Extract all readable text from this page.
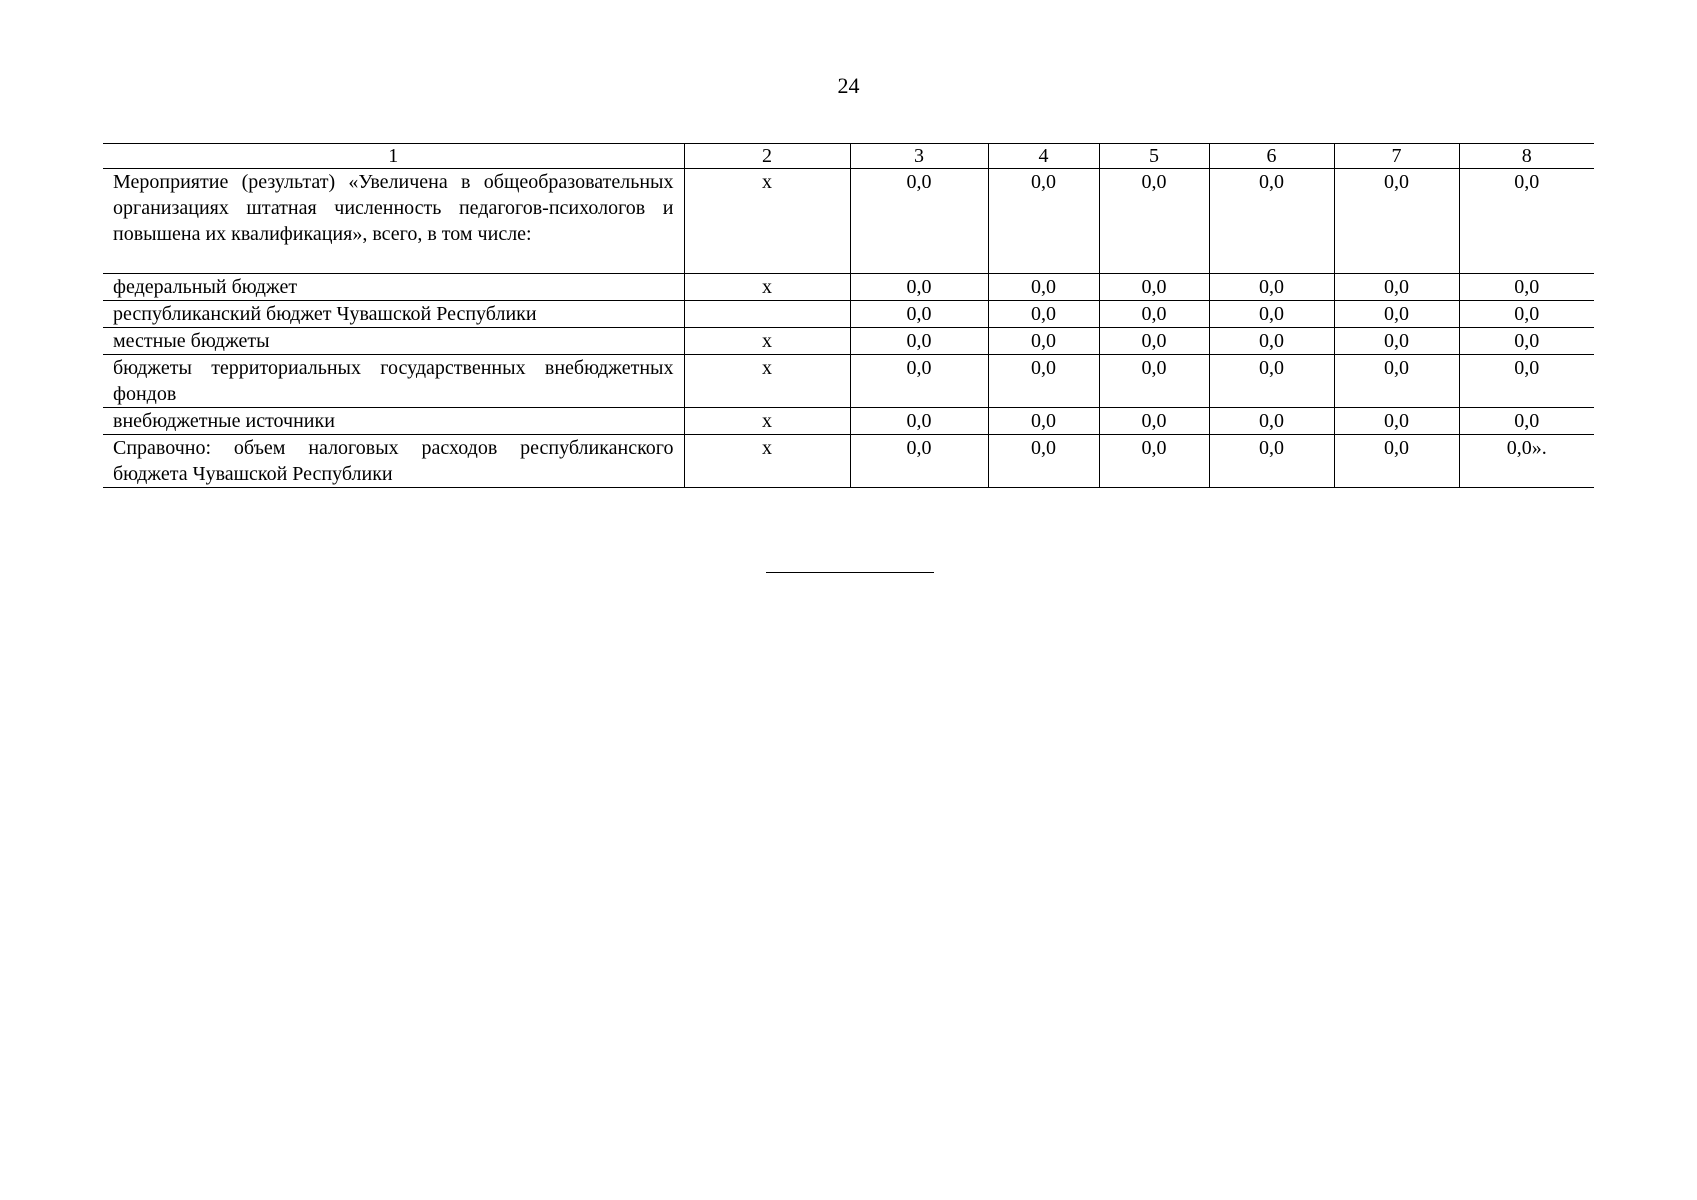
24
1	2	3	4	5	6	7	8
Мероприятие (результат) «Увеличена в общеобразовательных организациях штатная численность педагогов-психологов и повышена их квалификация», всего, в том числе:	x	0,0	0,0	0,0	0,0	0,0	0,0
федеральный бюджет	x	0,0	0,0	0,0	0,0	0,0	0,0
республиканский бюджет Чувашской Республики		0,0	0,0	0,0	0,0	0,0	0,0
местные бюджеты	x	0,0	0,0	0,0	0,0	0,0	0,0
бюджеты территориальных государственных внебюджетных фондов	x	0,0	0,0	0,0	0,0	0,0	0,0
внебюджетные источники	x	0,0	0,0	0,0	0,0	0,0	0,0
Справочно: объем налоговых расходов республиканского бюджета Чувашской Республики	x	0,0	0,0	0,0	0,0	0,0	0,0».
